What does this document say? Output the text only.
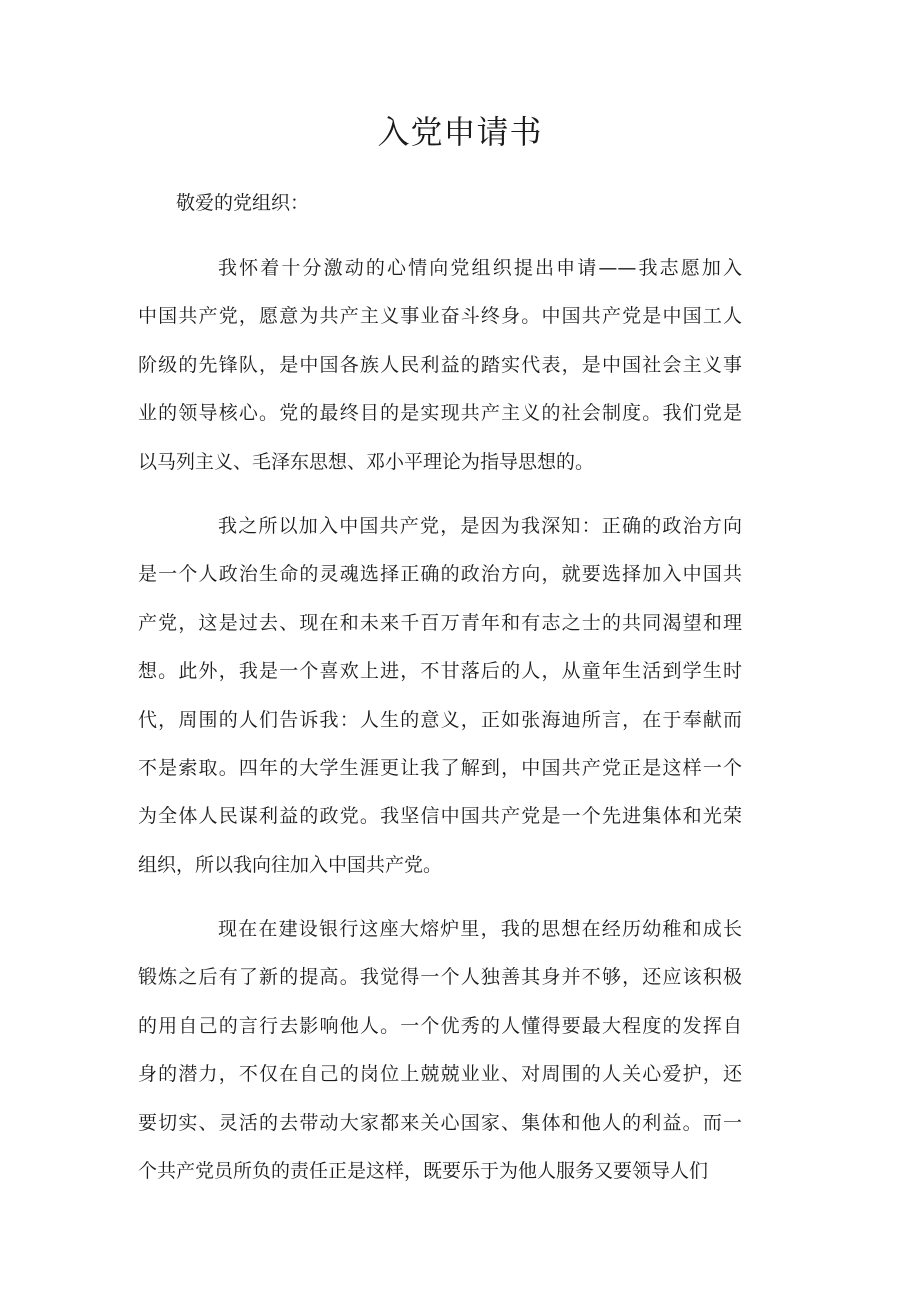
入党申请书

敬爱的党组织：

我怀着十分激动的心情向党组织提出申请——我志愿加入
中国共产党，愿意为共产主义事业奋斗终身。中国共产党是中国工人
阶级的先锋队，是中国各族人民利益的踏实代表，是中国社会主义事
业的领导核心。党的最终目的是实现共产主义的社会制度。我们党是
以马列主义、毛泽东思想、邓小平理论为指导思想的。
我之所以加入中国共产党，是因为我深知：正确的政治方向
是一个人政治生命的灵魂选择正确的政治方向，就要选择加入中国共
产党，这是过去、现在和未来千百万青年和有志之士的共同渴望和理
想。此外，我是一个喜欢上进，不甘落后的人，从童年生活到学生时
代，周围的人们告诉我：人生的意义，正如张海迪所言，在于奉献而
不是索取。四年的大学生涯更让我了解到，中国共产党正是这样一个
为全体人民谋利益的政党。我坚信中国共产党是一个先进集体和光荣
组织，所以我向往加入中国共产党。
现在在建设银行这座大熔炉里，我的思想在经历幼稚和成长
锻炼之后有了新的提高。我觉得一个人独善其身并不够，还应该积极
的用自己的言行去影响他人。一个优秀的人懂得要最大程度的发挥自
身的潜力，不仅在自己的岗位上兢兢业业、对周围的人关心爱护，还
要切实、灵活的去带动大家都来关心国家、集体和他人的利益。而一
个共产党员所负的责任正是这样，既要乐于为他人服务又要领导人们
